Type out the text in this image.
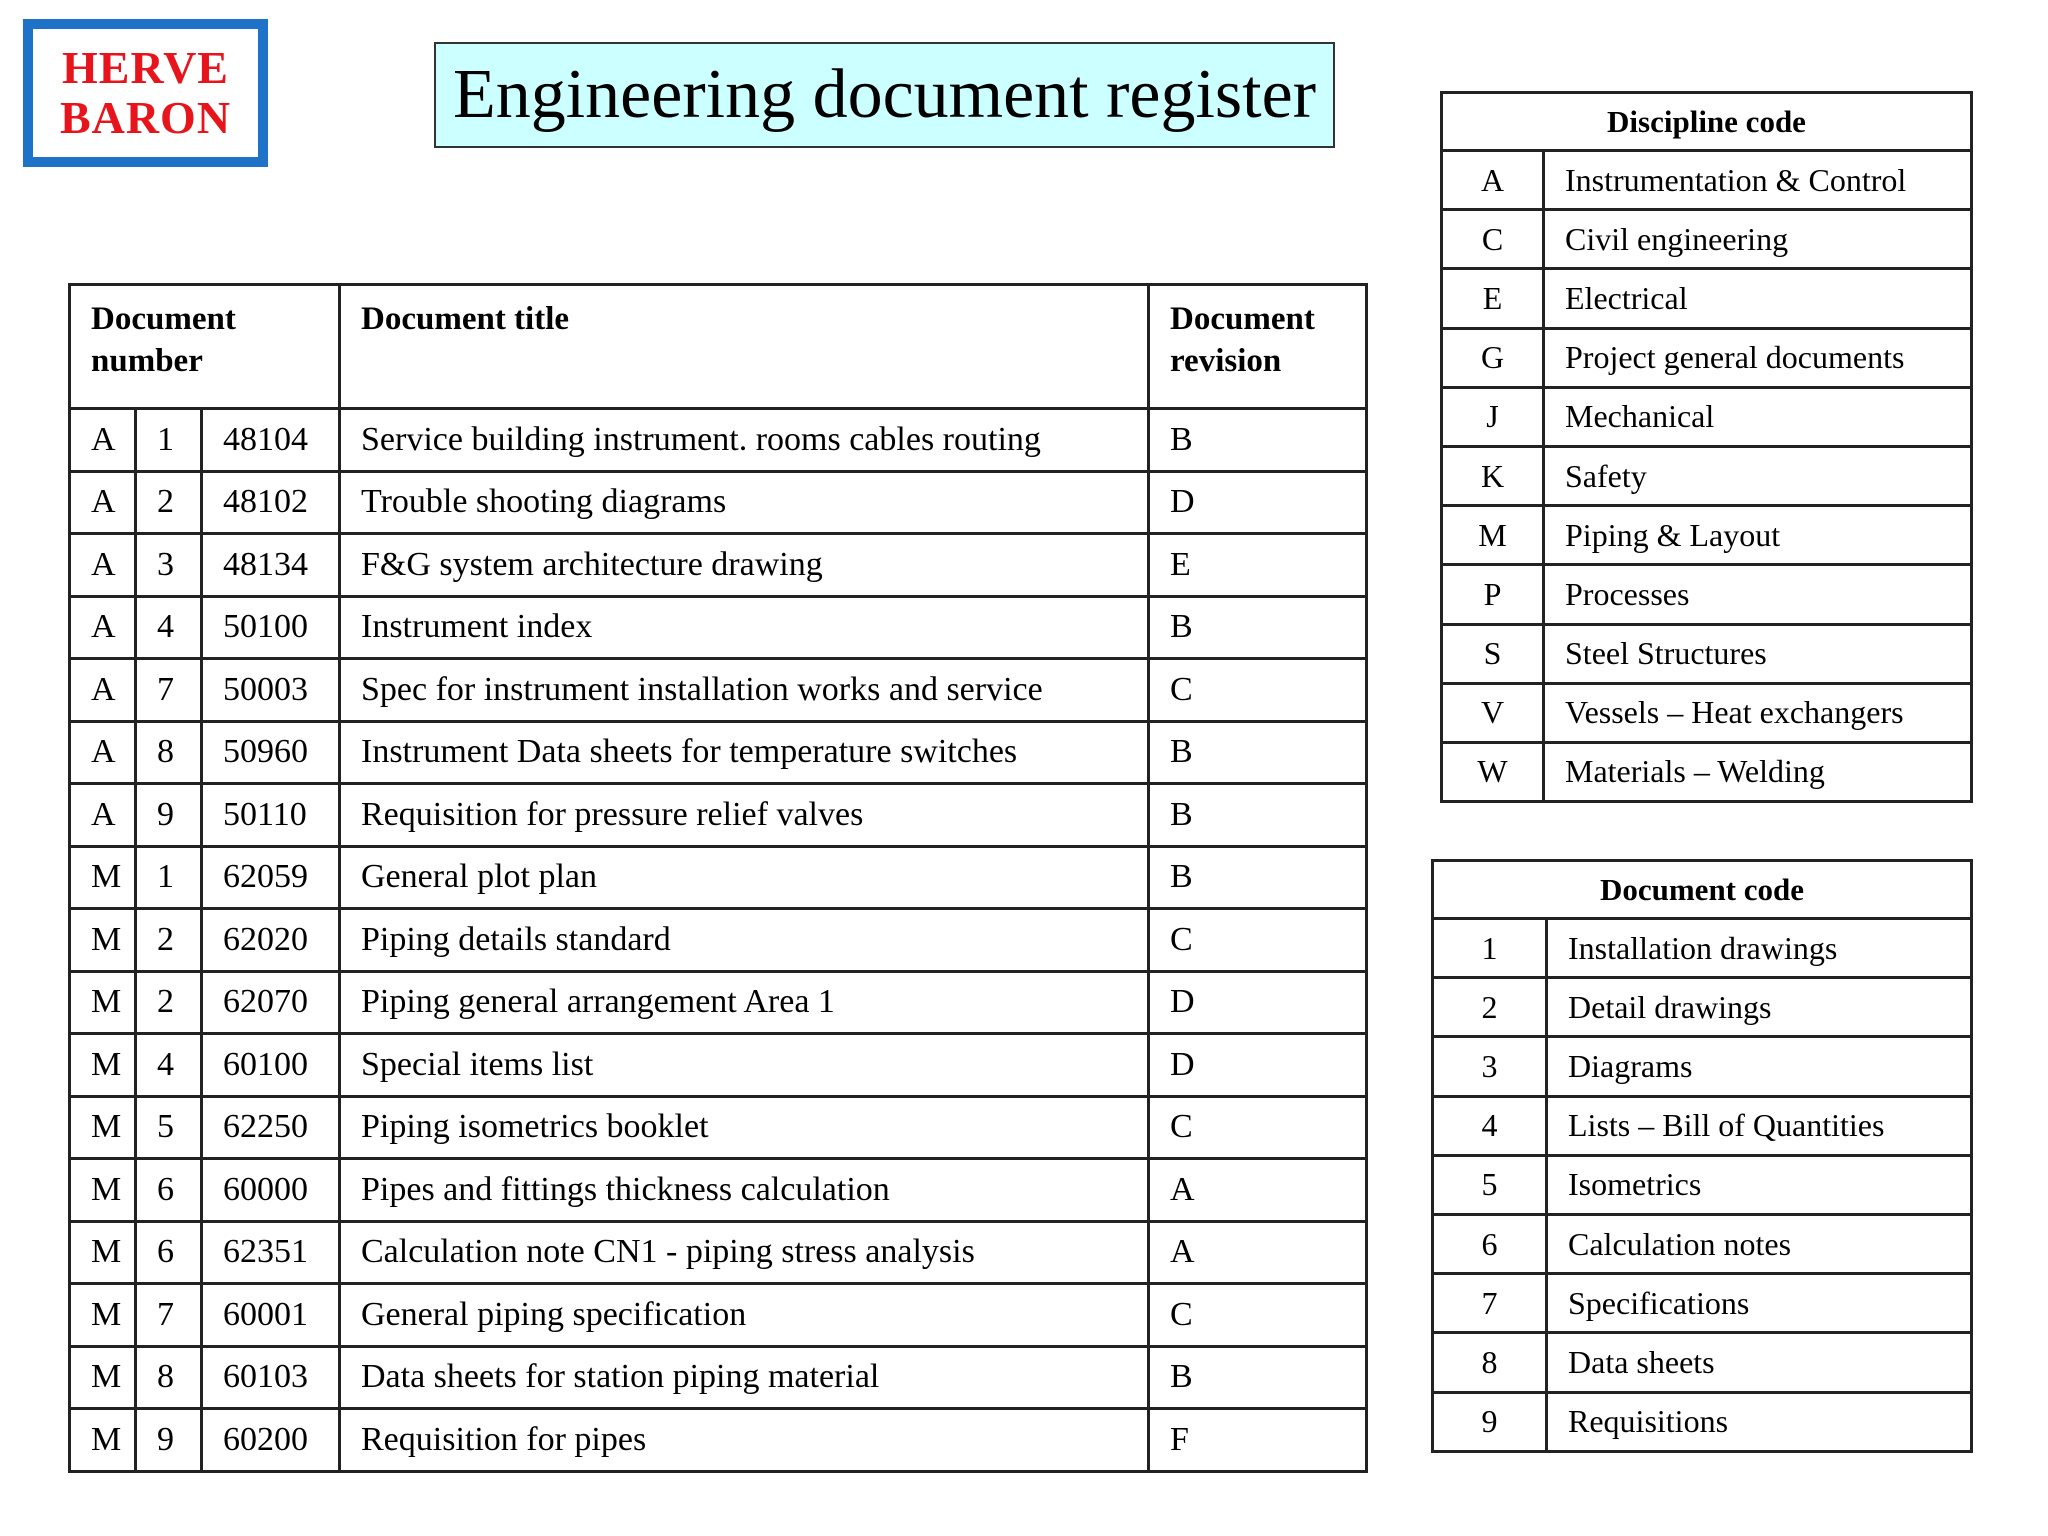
HERVE
BARON	Engineering document register
Document number			Document title	Document revision
A	1	48104	Service building instrument. rooms cables routing	B
A	2	48102	Trouble shooting diagrams	D
A	3	48134	F&G system architecture drawing	E
A	4	50100	Instrument index	B
A	7	50003	Spec for instrument installation works and service	C
A	8	50960	Instrument Data sheets for temperature switches	B
A	9	50110	Requisition for pressure relief valves	B
M	1	62059	General plot plan	B
M	2	62020	Piping details standard	C
M	2	62070	Piping general arrangement Area 1	D
M	4	60100	Special items list	D
M	5	62250	Piping isometrics booklet	C
M	6	60000	Pipes and fittings thickness calculation	A
M	6	62351	Calculation note CN1 - piping stress analysis	A
M	7	60001	General piping specification	C
M	8	60103	Data sheets for station piping material	B
M	9	60200	Requisition for pipes	F
Discipline code	
A	Instrumentation & Control
C	Civil engineering
E	Electrical
G	Project general documents
J	Mechanical
K	Safety
M	Piping & Layout
P	Processes
S	Steel Structures
V	Vessels – Heat exchangers
W	Materials – Welding
Document code	
1	Installation drawings
2	Detail drawings
3	Diagrams
4	Lists – Bill of Quantities
5	Isometrics
6	Calculation notes
7	Specifications
8	Data sheets
9	Requisitions
